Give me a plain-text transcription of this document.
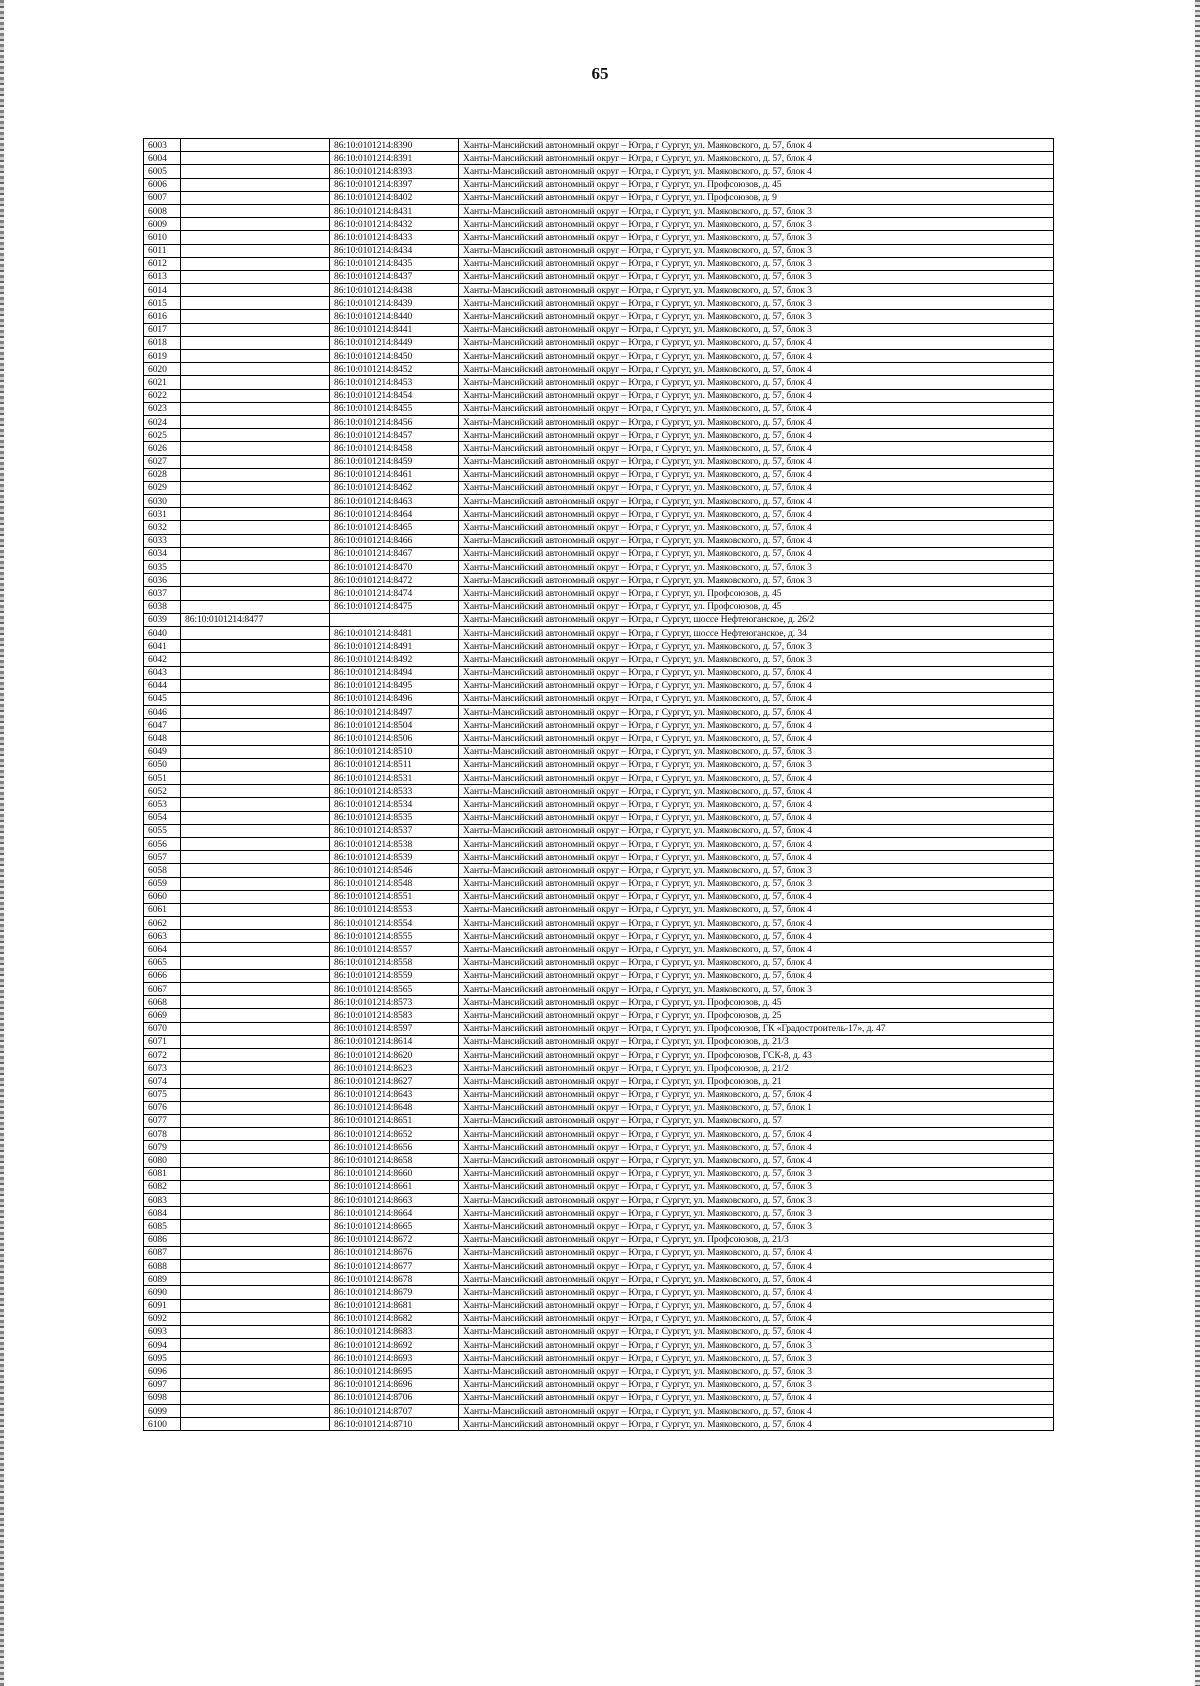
65
6003		86:10:0101214:8390	Ханты-Мансийский автономный округ – Югра, г Сургут, ул. Маяковского, д. 57, блок 4
6004		86:10:0101214:8391	Ханты-Мансийский автономный округ – Югра, г Сургут, ул. Маяковского, д. 57, блок 4
6005		86:10:0101214:8393	Ханты-Мансийский автономный округ – Югра, г Сургут, ул. Маяковского, д. 57, блок 4
6006		86:10:0101214:8397	Ханты-Мансийский автономный округ – Югра, г Сургут, ул. Профсоюзов, д. 45
6007		86:10:0101214:8402	Ханты-Мансийский автономный округ – Югра, г Сургут, ул. Профсоюзов, д. 9
6008		86:10:0101214:8431	Ханты-Мансийский автономный округ – Югра, г Сургут, ул. Маяковского, д. 57, блок 3
6009		86:10:0101214:8432	Ханты-Мансийский автономный округ – Югра, г Сургут, ул. Маяковского, д. 57, блок 3
6010		86:10:0101214:8433	Ханты-Мансийский автономный округ – Югра, г Сургут, ул. Маяковского, д. 57, блок 3
6011		86:10:0101214:8434	Ханты-Мансийский автономный округ – Югра, г Сургут, ул. Маяковского, д. 57, блок 3
6012		86:10:0101214:8435	Ханты-Мансийский автономный округ – Югра, г Сургут, ул. Маяковского, д. 57, блок 3
6013		86:10:0101214:8437	Ханты-Мансийский автономный округ – Югра, г Сургут, ул. Маяковского, д. 57, блок 3
6014		86:10:0101214:8438	Ханты-Мансийский автономный округ – Югра, г Сургут, ул. Маяковского, д. 57, блок 3
6015		86:10:0101214:8439	Ханты-Мансийский автономный округ – Югра, г Сургут, ул. Маяковского, д. 57, блок 3
6016		86:10:0101214:8440	Ханты-Мансийский автономный округ – Югра, г Сургут, ул. Маяковского, д. 57, блок 3
6017		86:10:0101214:8441	Ханты-Мансийский автономный округ – Югра, г Сургут, ул. Маяковского, д. 57, блок 3
6018		86:10:0101214:8449	Ханты-Мансийский автономный округ – Югра, г Сургут, ул. Маяковского, д. 57, блок 4
6019		86:10:0101214:8450	Ханты-Мансийский автономный округ – Югра, г Сургут, ул. Маяковского, д. 57, блок 4
6020		86:10:0101214:8452	Ханты-Мансийский автономный округ – Югра, г Сургут, ул. Маяковского, д. 57, блок 4
6021		86:10:0101214:8453	Ханты-Мансийский автономный округ – Югра, г Сургут, ул. Маяковского, д. 57, блок 4
6022		86:10:0101214:8454	Ханты-Мансийский автономный округ – Югра, г Сургут, ул. Маяковского, д. 57, блок 4
6023		86:10:0101214:8455	Ханты-Мансийский автономный округ – Югра, г Сургут, ул. Маяковского, д. 57, блок 4
6024		86:10:0101214:8456	Ханты-Мансийский автономный округ – Югра, г Сургут, ул. Маяковского, д. 57, блок 4
6025		86:10:0101214:8457	Ханты-Мансийский автономный округ – Югра, г Сургут, ул. Маяковского, д. 57, блок 4
6026		86:10:0101214:8458	Ханты-Мансийский автономный округ – Югра, г Сургут, ул. Маяковского, д. 57, блок 4
6027		86:10:0101214:8459	Ханты-Мансийский автономный округ – Югра, г Сургут, ул. Маяковского, д. 57, блок 4
6028		86:10:0101214:8461	Ханты-Мансийский автономный округ – Югра, г Сургут, ул. Маяковского, д. 57, блок 4
6029		86:10:0101214:8462	Ханты-Мансийский автономный округ – Югра, г Сургут, ул. Маяковского, д. 57, блок 4
6030		86:10:0101214:8463	Ханты-Мансийский автономный округ – Югра, г Сургут, ул. Маяковского, д. 57, блок 4
6031		86:10:0101214:8464	Ханты-Мансийский автономный округ – Югра, г Сургут, ул. Маяковского, д. 57, блок 4
6032		86:10:0101214:8465	Ханты-Мансийский автономный округ – Югра, г Сургут, ул. Маяковского, д. 57, блок 4
6033		86:10:0101214:8466	Ханты-Мансийский автономный округ – Югра, г Сургут, ул. Маяковского, д. 57, блок 4
6034		86:10:0101214:8467	Ханты-Мансийский автономный округ – Югра, г Сургут, ул. Маяковского, д. 57, блок 4
6035		86:10:0101214:8470	Ханты-Мансийский автономный округ – Югра, г Сургут, ул. Маяковского, д. 57, блок 3
6036		86:10:0101214:8472	Ханты-Мансийский автономный округ – Югра, г Сургут, ул. Маяковского, д. 57, блок 3
6037		86:10:0101214:8474	Ханты-Мансийский автономный округ – Югра, г Сургут, ул. Профсоюзов, д. 45
6038		86:10:0101214:8475	Ханты-Мансийский автономный округ – Югра, г Сургут, ул. Профсоюзов, д. 45
6039	86:10:0101214:8477		Ханты-Мансийский автономный округ – Югра, г Сургут, шоссе Нефтеюганское, д. 26/2
6040		86:10:0101214:8481	Ханты-Мансийский автономный округ – Югра, г Сургут, шоссе Нефтеюганское, д. 34
6041		86:10:0101214:8491	Ханты-Мансийский автономный округ – Югра, г Сургут, ул. Маяковского, д. 57, блок 3
6042		86:10:0101214:8492	Ханты-Мансийский автономный округ – Югра, г Сургут, ул. Маяковского, д. 57, блок 3
6043		86:10:0101214:8494	Ханты-Мансийский автономный округ – Югра, г Сургут, ул. Маяковского, д. 57, блок 4
6044		86:10:0101214:8495	Ханты-Мансийский автономный округ – Югра, г Сургут, ул. Маяковского, д. 57, блок 4
6045		86:10:0101214:8496	Ханты-Мансийский автономный округ – Югра, г Сургут, ул. Маяковского, д. 57, блок 4
6046		86:10:0101214:8497	Ханты-Мансийский автономный округ – Югра, г Сургут, ул. Маяковского, д. 57, блок 4
6047		86:10:0101214:8504	Ханты-Мансийский автономный округ – Югра, г Сургут, ул. Маяковского, д. 57, блок 4
6048		86:10:0101214:8506	Ханты-Мансийский автономный округ – Югра, г Сургут, ул. Маяковского, д. 57, блок 4
6049		86:10:0101214:8510	Ханты-Мансийский автономный округ – Югра, г Сургут, ул. Маяковского, д. 57, блок 3
6050		86:10:0101214:8511	Ханты-Мансийский автономный округ – Югра, г Сургут, ул. Маяковского, д. 57, блок 3
6051		86:10:0101214:8531	Ханты-Мансийский автономный округ – Югра, г Сургут, ул. Маяковского, д. 57, блок 4
6052		86:10:0101214:8533	Ханты-Мансийский автономный округ – Югра, г Сургут, ул. Маяковского, д. 57, блок 4
6053		86:10:0101214:8534	Ханты-Мансийский автономный округ – Югра, г Сургут, ул. Маяковского, д. 57, блок 4
6054		86:10:0101214:8535	Ханты-Мансийский автономный округ – Югра, г Сургут, ул. Маяковского, д. 57, блок 4
6055		86:10:0101214:8537	Ханты-Мансийский автономный округ – Югра, г Сургут, ул. Маяковского, д. 57, блок 4
6056		86:10:0101214:8538	Ханты-Мансийский автономный округ – Югра, г Сургут, ул. Маяковского, д. 57, блок 4
6057		86:10:0101214:8539	Ханты-Мансийский автономный округ – Югра, г Сургут, ул. Маяковского, д. 57, блок 4
6058		86:10:0101214:8546	Ханты-Мансийский автономный округ – Югра, г Сургут, ул. Маяковского, д. 57, блок 3
6059		86:10:0101214:8548	Ханты-Мансийский автономный округ – Югра, г Сургут, ул. Маяковского, д. 57, блок 3
6060		86:10:0101214:8551	Ханты-Мансийский автономный округ – Югра, г Сургут, ул. Маяковского, д. 57, блок 4
6061		86:10:0101214:8553	Ханты-Мансийский автономный округ – Югра, г Сургут, ул. Маяковского, д. 57, блок 4
6062		86:10:0101214:8554	Ханты-Мансийский автономный округ – Югра, г Сургут, ул. Маяковского, д. 57, блок 4
6063		86:10:0101214:8555	Ханты-Мансийский автономный округ – Югра, г Сургут, ул. Маяковского, д. 57, блок 4
6064		86:10:0101214:8557	Ханты-Мансийский автономный округ – Югра, г Сургут, ул. Маяковского, д. 57, блок 4
6065		86:10:0101214:8558	Ханты-Мансийский автономный округ – Югра, г Сургут, ул. Маяковского, д. 57, блок 4
6066		86:10:0101214:8559	Ханты-Мансийский автономный округ – Югра, г Сургут, ул. Маяковского, д. 57, блок 4
6067		86:10:0101214:8565	Ханты-Мансийский автономный округ – Югра, г Сургут, ул. Маяковского, д. 57, блок 3
6068		86:10:0101214:8573	Ханты-Мансийский автономный округ – Югра, г Сургут, ул. Профсоюзов, д. 45
6069		86:10:0101214:8583	Ханты-Мансийский автономный округ – Югра, г Сургут, ул. Профсоюзов, д. 25
6070		86:10:0101214:8597	Ханты-Мансийский автономный округ – Югра, г Сургут, ул. Профсоюзов, ГК «Градостроитель-17», д. 47
6071		86:10:0101214:8614	Ханты-Мансийский автономный округ – Югра, г Сургут, ул. Профсоюзов, д. 21/3
6072		86:10:0101214:8620	Ханты-Мансийский автономный округ – Югра, г Сургут, ул. Профсоюзов, ГСК-8, д. 43
6073		86:10:0101214:8623	Ханты-Мансийский автономный округ – Югра, г Сургут, ул. Профсоюзов, д. 21/2
6074		86:10:0101214:8627	Ханты-Мансийский автономный округ – Югра, г Сургут, ул. Профсоюзов, д. 21
6075		86:10:0101214:8643	Ханты-Мансийский автономный округ – Югра, г Сургут, ул. Маяковского, д. 57, блок 4
6076		86:10:0101214:8648	Ханты-Мансийский автономный округ – Югра, г Сургут, ул. Маяковского, д. 57, блок 1
6077		86:10:0101214:8651	Ханты-Мансийский автономный округ – Югра, г Сургут, ул. Маяковского, д. 57
6078		86:10:0101214:8652	Ханты-Мансийский автономный округ – Югра, г Сургут, ул. Маяковского, д. 57, блок 4
6079		86:10:0101214:8656	Ханты-Мансийский автономный округ – Югра, г Сургут, ул. Маяковского, д. 57, блок 4
6080		86:10:0101214:8658	Ханты-Мансийский автономный округ – Югра, г Сургут, ул. Маяковского, д. 57, блок 4
6081		86:10:0101214:8660	Ханты-Мансийский автономный округ – Югра, г Сургут, ул. Маяковского, д. 57, блок 3
6082		86:10:0101214:8661	Ханты-Мансийский автономный округ – Югра, г Сургут, ул. Маяковского, д. 57, блок 3
6083		86:10:0101214:8663	Ханты-Мансийский автономный округ – Югра, г Сургут, ул. Маяковского, д. 57, блок 3
6084		86:10:0101214:8664	Ханты-Мансийский автономный округ – Югра, г Сургут, ул. Маяковского, д. 57, блок 3
6085		86:10:0101214:8665	Ханты-Мансийский автономный округ – Югра, г Сургут, ул. Маяковского, д. 57, блок 3
6086		86:10:0101214:8672	Ханты-Мансийский автономный округ – Югра, г Сургут, ул. Профсоюзов, д. 21/3
6087		86:10:0101214:8676	Ханты-Мансийский автономный округ – Югра, г Сургут, ул. Маяковского, д. 57, блок 4
6088		86:10:0101214:8677	Ханты-Мансийский автономный округ – Югра, г Сургут, ул. Маяковского, д. 57, блок 4
6089		86:10:0101214:8678	Ханты-Мансийский автономный округ – Югра, г Сургут, ул. Маяковского, д. 57, блок 4
6090		86:10:0101214:8679	Ханты-Мансийский автономный округ – Югра, г Сургут, ул. Маяковского, д. 57, блок 4
6091		86:10:0101214:8681	Ханты-Мансийский автономный округ – Югра, г Сургут, ул. Маяковского, д. 57, блок 4
6092		86:10:0101214:8682	Ханты-Мансийский автономный округ – Югра, г Сургут, ул. Маяковского, д. 57, блок 4
6093		86:10:0101214:8683	Ханты-Мансийский автономный округ – Югра, г Сургут, ул. Маяковского, д. 57, блок 4
6094		86:10:0101214:8692	Ханты-Мансийский автономный округ – Югра, г Сургут, ул. Маяковского, д. 57, блок 3
6095		86:10:0101214:8693	Ханты-Мансийский автономный округ – Югра, г Сургут, ул. Маяковского, д. 57, блок 3
6096		86:10:0101214:8695	Ханты-Мансийский автономный округ – Югра, г Сургут, ул. Маяковского, д. 57, блок 3
6097		86:10:0101214:8696	Ханты-Мансийский автономный округ – Югра, г Сургут, ул. Маяковского, д. 57, блок 3
6098		86:10:0101214:8706	Ханты-Мансийский автономный округ – Югра, г Сургут, ул. Маяковского, д. 57, блок 4
6099		86:10:0101214:8707	Ханты-Мансийский автономный округ – Югра, г Сургут, ул. Маяковского, д. 57, блок 4
6100		86:10:0101214:8710	Ханты-Мансийский автономный округ – Югра, г Сургут, ул. Маяковского, д. 57, блок 4
